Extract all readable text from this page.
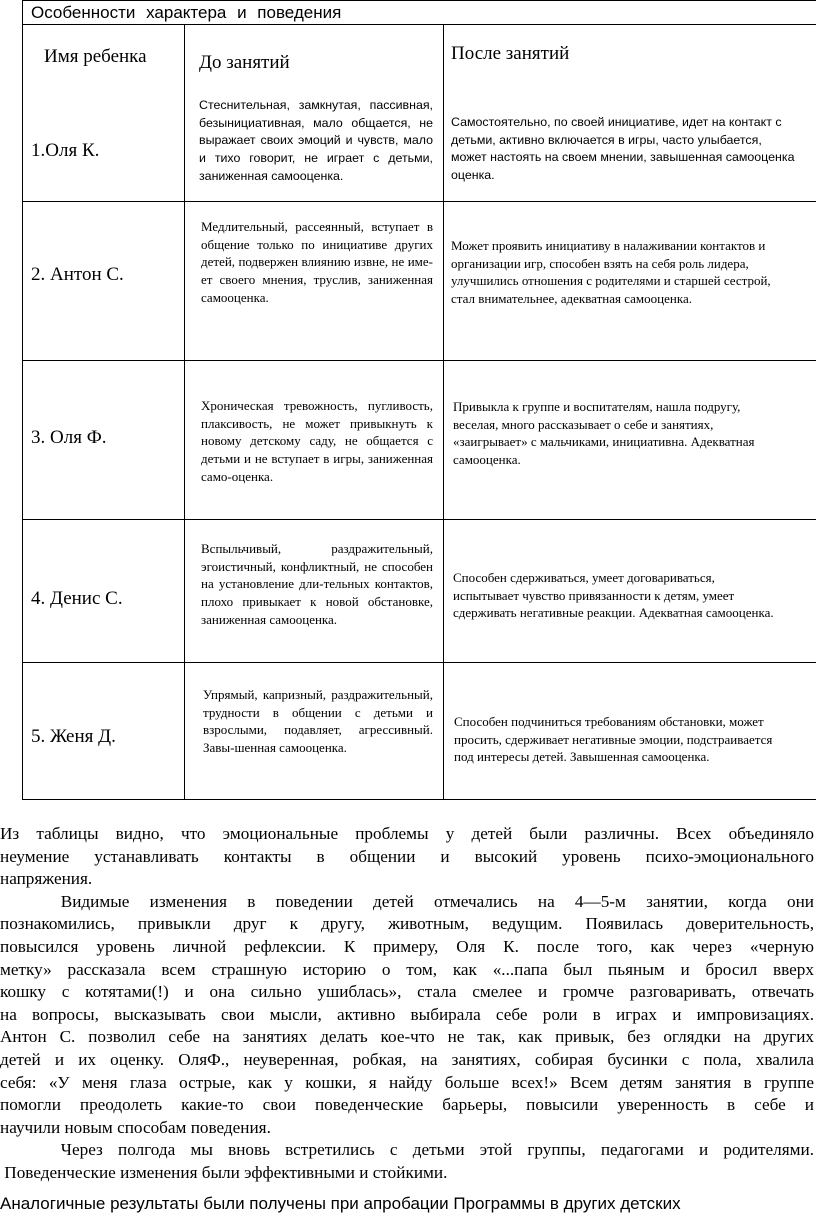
Особенности характера и поведения
Имя ребенка	До занятий	После занятий
1.Оля К.
Стеснительная, замкнутая, пассивная, безынициативная, мало общается, не выражает своих эмоций и чувств, мало и тихо говорит, не играет с детьми, заниженная самооценка.
Самостоятельно, по своей инициативе, идет на контакт с
детьми, активно включается в игры, часто улыбается,
может настоять на своем мнении, завышенная самооценка
оценка.
2. Антон С.
Медлительный, рассеянный, вступает в общение только по инициативе других детей, подвержен влиянию извне, не име-ет своего мнения, труслив, заниженная самооценка.
Может проявить инициативу в налаживании контактов и
организации игр, способен взять на себя роль лидера,
улучшились отношения с родителями и старшей сестрой,
стал внимательнее, адекватная самооценка.
3. Оля Ф.
Хроническая тревожность, пугливость, плаксивость, не может привыкнуть к новому детскому саду, не общается с детьми и не вступает в игры, заниженная само-оценка.
Привыкла к группе и воспитателям, нашла подругу,
веселая, много рассказывает о себе и занятиях,
«заигрывает» с мальчиками, инициативна. Адекватная
самооценка.
4. Денис С.
Вспыльчивый, раздражительный, эгоистичный, конфликтный, не способен на установление дли-тельных контактов, плохо привыкает к новой обстановке, заниженная самооценка.
Способен сдерживаться, умеет договариваться,
испытывает чувство привязанности к детям, умеет
сдерживать негативные реакции. Адекватная самооценка.
5. Женя Д.
Упрямый, капризный, раздражительный, трудности в общении с детьми и взрослыми, подавляет, агрессивный. Завы-шенная самооценка.
Способен подчиниться требованиям обстановки, может
просить, сдерживает негативные эмоции, подстраивается
под интересы детей. Завышенная самооценка.
Из таблицы видно, что эмоциональные проблемы у детей были различны. Всех объединяло
неумение устанавливать контакты в общении и высокий уровень психо-эмоционального
напряжения.
Видимые изменения в поведении детей отмечались на 4—5-м занятии, когда они
познакомились, привыкли друг к другу, животным, ведущим. Появилась доверительность,
повысился уровень личной рефлексии. К примеру, Оля К. после того, как через «черную
метку» рассказала всем страшную историю о том, как «...папа был пьяным и бросил вверх
кошку с котятами(!) и она сильно ушиблась», стала смелее и громче разговаривать, отвечать
на вопросы, высказывать свои мысли, активно выбирала себе роли в играх и импровизациях.
Антон С. позволил себе на занятиях делать кое-что не так, как привык, без оглядки на других
детей и их оценку. ОляФ., неуверенная, робкая, на занятиях, собирая бусинки с пола, хвалила
себя: «У меня глаза острые, как у кошки, я найду больше всех!» Всем детям занятия в группе
помогли преодолеть какие-то свои поведенческие барьеры, повысили уверенность в себе и
научили новым способам поведения.
Через полгода мы вновь встретились с детьми этой группы, педагогами и родителями.
Поведенческие изменения были эффективными и стойкими.
Аналогичные результаты были получены при апробации Программы в других детских
